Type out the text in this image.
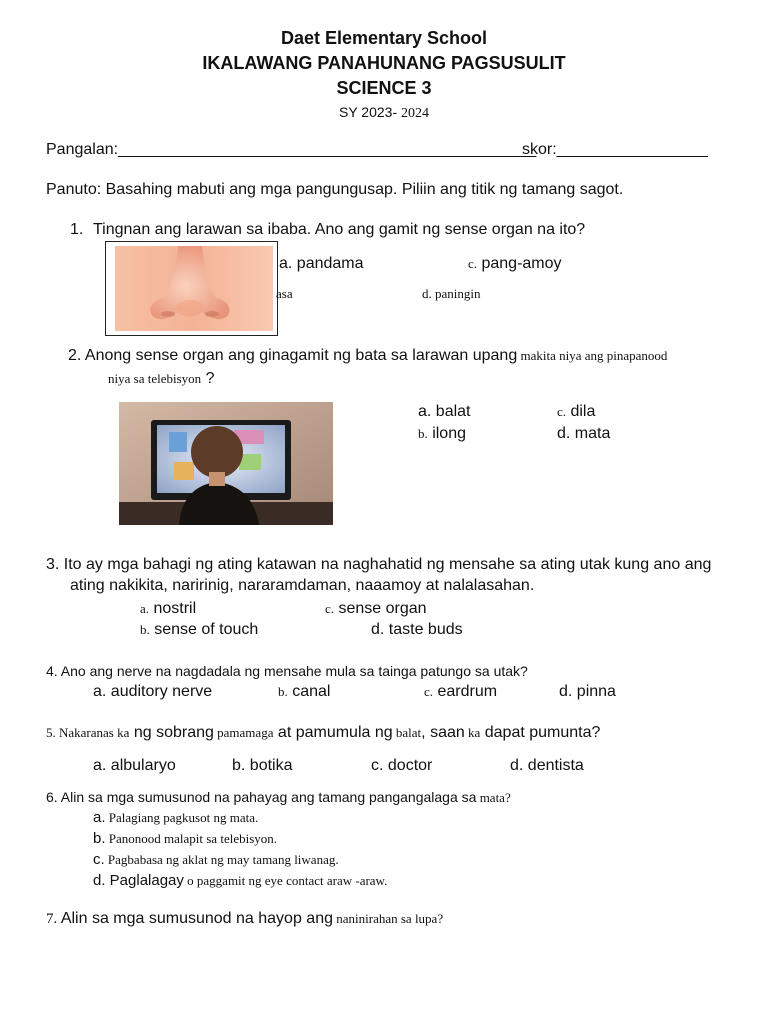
Daet Elementary School
IKALAWANG PANAHUNANG PAGSUSULIT
SCIENCE 3
SY 2023- 2024
Pangalan:_______________________________________________
skor:_________________
Panuto: Basahing mabuti ang mga pangungusap. Piliin ang titik ng tamang sagot.
1. Tingnan ang larawan sa ibaba. Ano ang gamit ng sense organ na ito?
a. pandama	c. pang-amoy
asa	d. paningin
2. Anong sense organ ang ginagamit ng bata sa larawan upang makita niya ang pinapanood
niya sa telebisyon ?
a. balat	c. dila
b. ilong	d. mata
3. Ito ay mga bahagi ng ating katawan na naghahatid ng mensahe sa ating utak kung ano ang
ating nakikita, naririnig, nararamdaman, naaamoy at nalalasahan.
a. nostril	c. sense organ
b. sense of touch	d. taste buds
4. Ano ang nerve na nagdadala ng mensahe mula sa tainga patungo sa utak?
a. auditory nerve	b. canal	c. eardrum	d. pinna
5. Nakaranas ka ng sobrang pamamaga at pamumula ng balat, saan ka dapat pumunta?
a. albularyo	b. botika	c. doctor	d. dentista
6. Alin sa mga sumusunod na pahayag ang tamang pangangalaga sa mata?
a. Palagiang pagkusot ng mata.
b. Panonood malapit sa telebisyon.
c. Pagbabasa ng aklat ng may tamang liwanag.
d. Paglalagay o paggamit ng eye contact araw -araw.
7. Alin sa mga sumusunod na hayop ang naninirahan sa lupa?
